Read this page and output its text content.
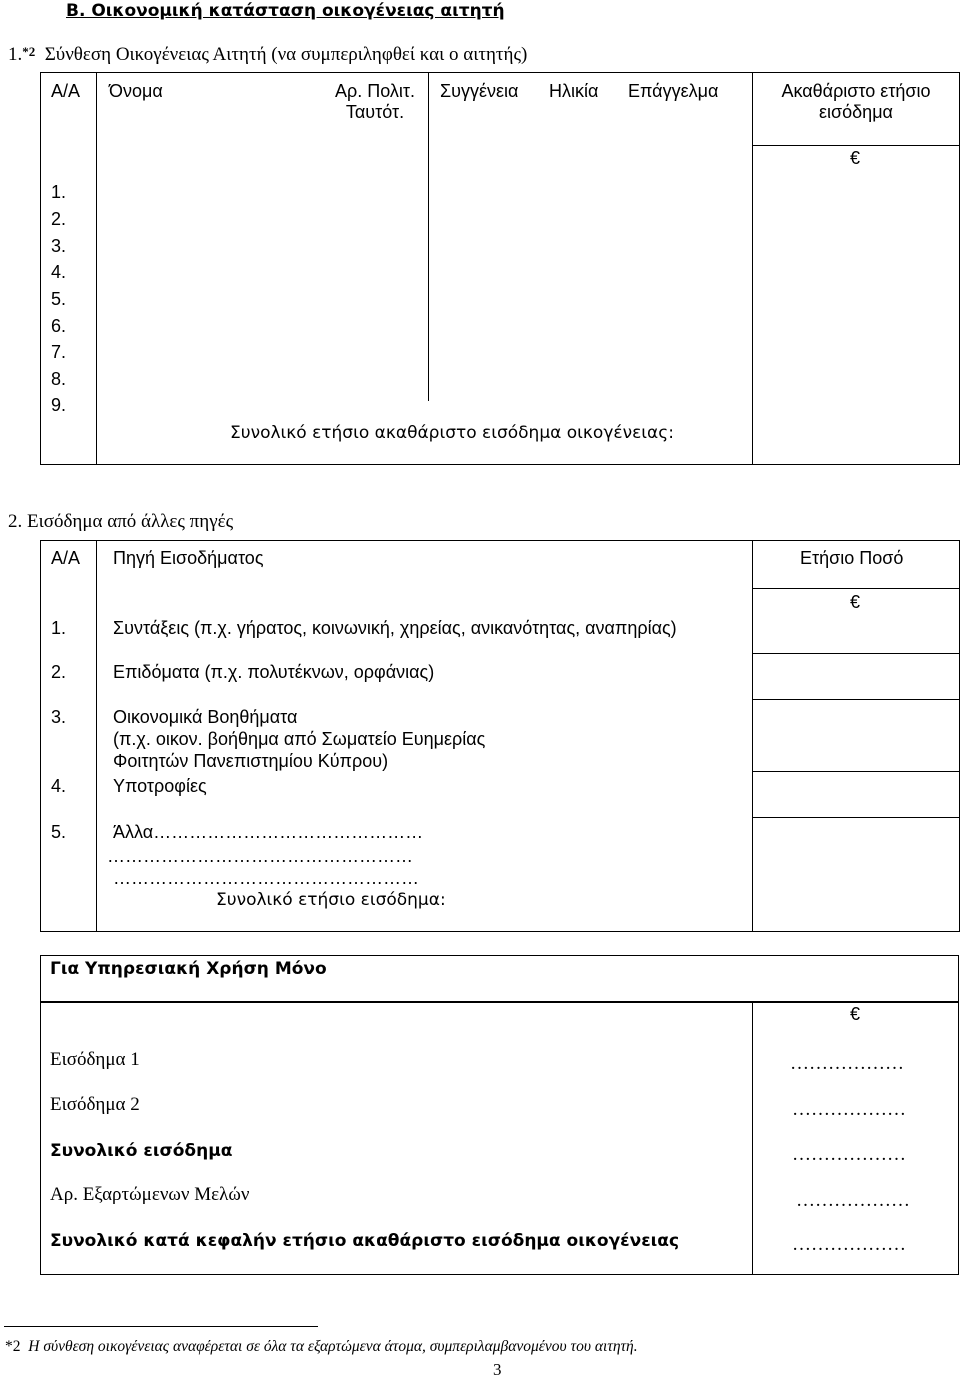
Β. Οικονομική κατάσταση οικογένειας αιτητή
1.$^{*2}$ Σύνθεση Οικογένειας Αιτητή (να συμπεριληφθεί και ο αιτητής)
Α/Α Όνομα	Αρ. Πολιτ.
Ταυτότ.
Συγγένεια Ηλικία Επάγγελμα	Ακαθάριστο ετήσιο
εισόδημα
€
1.
2.
3.
4.
5.
6.
7.
8.
9.
Συνολικό ετήσιο ακαθάριστο εισόδημα οικογένειας:
2. Εισόδημα από άλλες πηγές
Α/Α Πηγή Εισοδήματος	Ετήσιο Ποσό
€
1.	Συντάξεις (π.χ. γήρατος, κοινωνική, χηρείας, ανικανότητας, αναπηρίας)
2.	Επιδόματα (π.χ. πολυτέκνων, ορφάνιας)
3.	Οικονομικά Βοηθήματα
(π.χ. οικον. βοήθημα από Σωματείο Ευημερίας
Φοιτητών Πανεπιστημίου Κύπρου)
4.	Υποτροφίες
5.	Άλλα………………………………………
……………………………………………
……………………………………………
Συνολικό ετήσιο εισόδημα:
Για Υπηρεσιακή Χρήση Μόνο
€
Εισόδημα 1	………………
Εισόδημα 2	………………
Συνολικό εισόδημα	………………
Αρ. Εξαρτώμενων Μελών	………………
Συνολικό κατά κεφαλήν ετήσιο ακαθάριστο εισόδημα οικογένειας	………………
*2 Η σύνθεση οικογένειας αναφέρεται σε όλα τα εξαρτώμενα άτομα, συμπεριλαμβανομένου του αιτητή.
3
